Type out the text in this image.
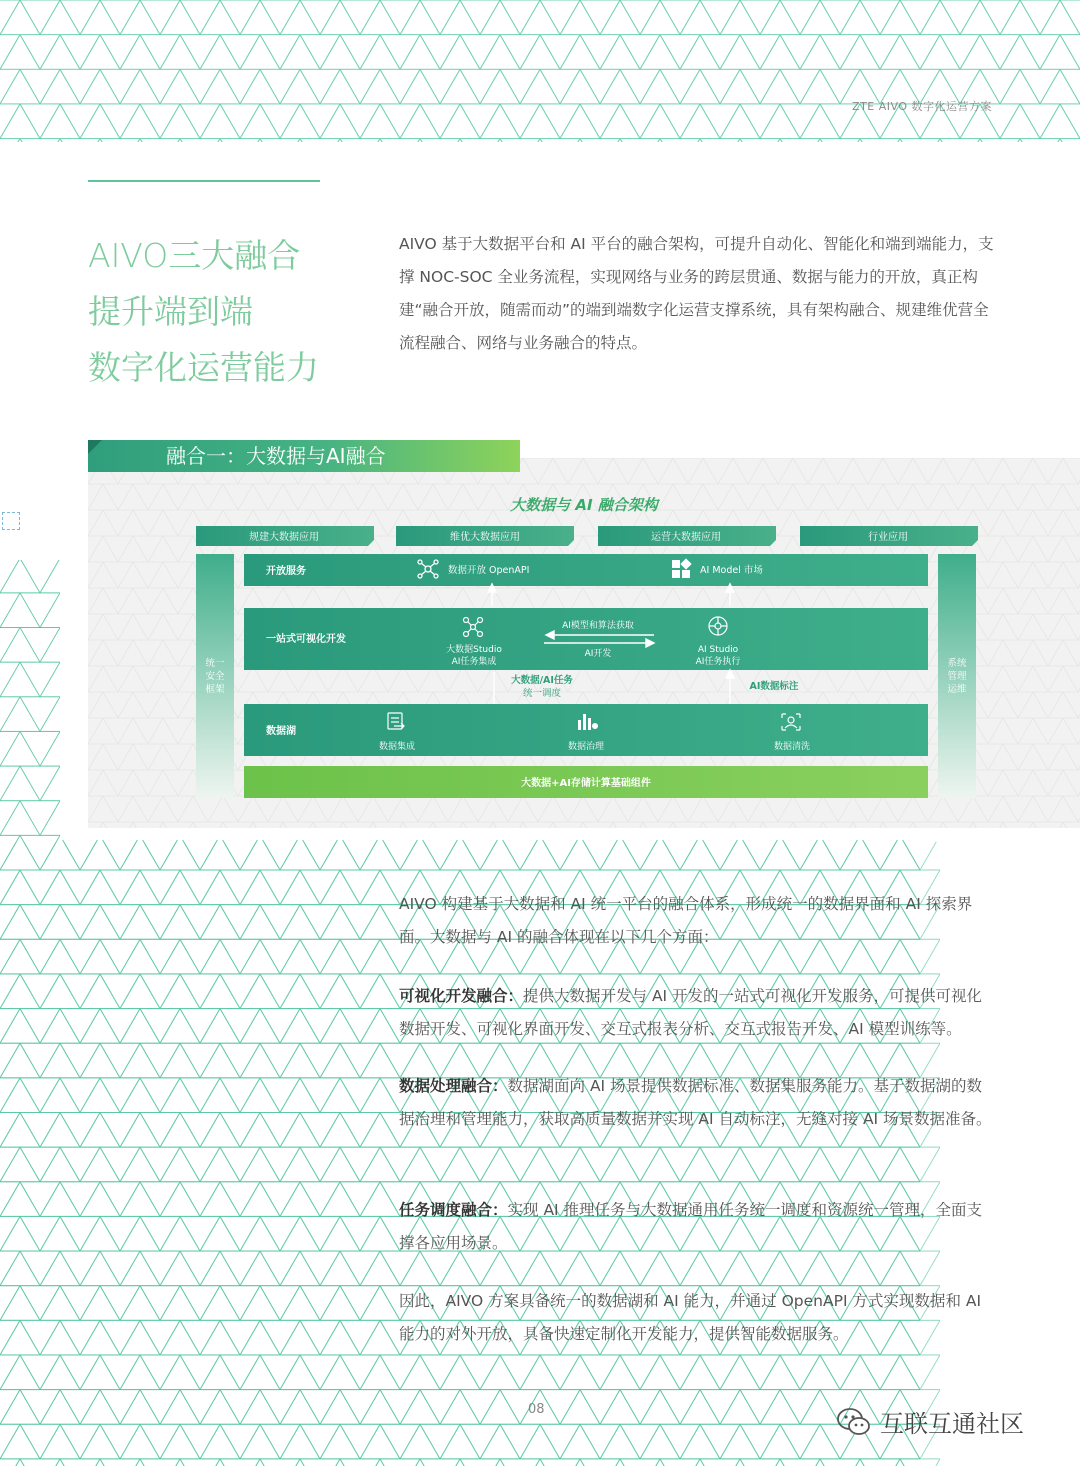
ZTE AIVO 数字化运营方案
AIVO三大融合
提升端到端
数字化运营能力
AIVO 基于大数据平台和 AI 平台的融合架构，可提升自动化、智能化和端到端能力，支撑 NOC-SOC 全业务流程，实现网络与业务的跨层贯通、数据与能力的开放，真正构建“融合开放，随需而动”的端到端数字化运营支撑系统，具有架构融合、规建维优营全流程融合、网络与业务融合的特点。
大数据与 AI 融合架构
规建大数据应用	维优大数据应用	运营大数据应用	行业应用
统一安全框架
系统管理运维
开放服务	数据开放 OpenAPI	AI Model 市场
一站式可视化开发
大数据Studio
AI任务集成
AI模型和算法获取
AI开发	AI Studio
AI任务执行
大数据/AI任务
统一调度
AI数据标注
数据湖
数据集成	数据治理	数据清洗
大数据+AI存储计算基础组件
融合一：大数据与AI融合
AIVO 构建基于大数据和 AI 统一平台的融合体系，形成统一的数据界面和 AI 探索界面。大数据与 AI 的融合体现在以下几个方面：
可视化开发融合：提供大数据开发与 AI 开发的一站式可视化开发服务，可提供可视化数据开发、可视化界面开发、交互式报表分析、交互式报告开发、AI 模型训练等。
数据处理融合：数据湖面向 AI 场景提供数据标准、数据集服务能力。基于数据湖的数据治理和管理能力，获取高质量数据并实现 AI 自动标注，无缝对接 AI 场景数据准备。
任务调度融合：实现 AI 推理任务与大数据通用任务统一调度和资源统一管理，全面支撑各应用场景。
因此，AIVO 方案具备统一的数据湖和 AI 能力，并通过 OpenAPI 方式实现数据和 AI 能力的对外开放，具备快速定制化开发能力，提供智能数据服务。
08
互联互通社区
